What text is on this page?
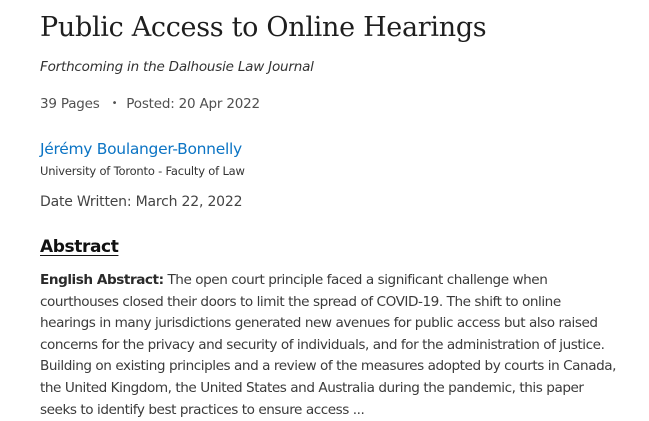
Public Access to Online Hearings
Forthcoming in the Dalhousie Law Journal
39 Pages • Posted: 20 Apr 2022
Jérémy Boulanger-Bonnelly
University of Toronto - Faculty of Law
Date Written: March 22, 2022
Abstract

English Abstract: The open court principle faced a significant challenge when courthouses closed their doors to limit the spread of COVID-19. The shift to online hearings in many jurisdictions generated new avenues for public access but also raised concerns for the privacy and security of individuals, and for the administration of justice. Building on existing principles and a review of the measures adopted by courts in Canada, the United Kingdom, the United States and Australia during the pandemic, this paper seeks to identify best practices to ensure access ...
